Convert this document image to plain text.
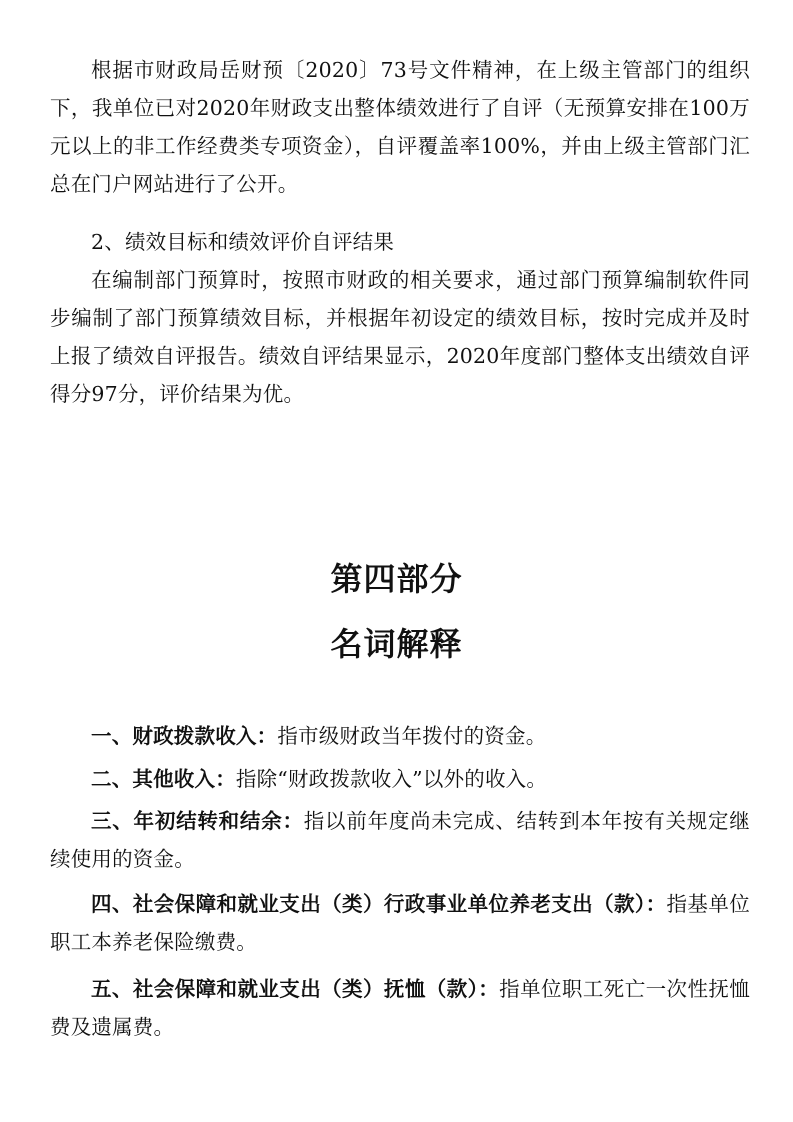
根据市财政局岳财预〔2020〕73号文件精神，在上级主管部门的组织下，我单位已对2020年财政支出整体绩效进行了自评（无预算安排在100万元以上的非工作经费类专项资金），自评覆盖率100%，并由上级主管部门汇总在门户网站进行了公开。

2、绩效目标和绩效评价自评结果

在编制部门预算时，按照市财政的相关要求，通过部门预算编制软件同步编制了部门预算绩效目标，并根据年初设定的绩效目标，按时完成并及时上报了绩效自评报告。绩效自评结果显示，2020年度部门整体支出绩效自评得分97分，评价结果为优。

第四部分
名词解释

一、财政拨款收入：指市级财政当年拨付的资金。

二、其他收入：指除“财政拨款收入”以外的收入。

三、年初结转和结余：指以前年度尚未完成、结转到本年按有关规定继续使用的资金。

四、社会保障和就业支出（类）行政事业单位养老支出（款）：指基单位职工本养老保险缴费。

五、社会保障和就业支出（类）抚恤（款）：指单位职工死亡一次性抚恤费及遗属费。
